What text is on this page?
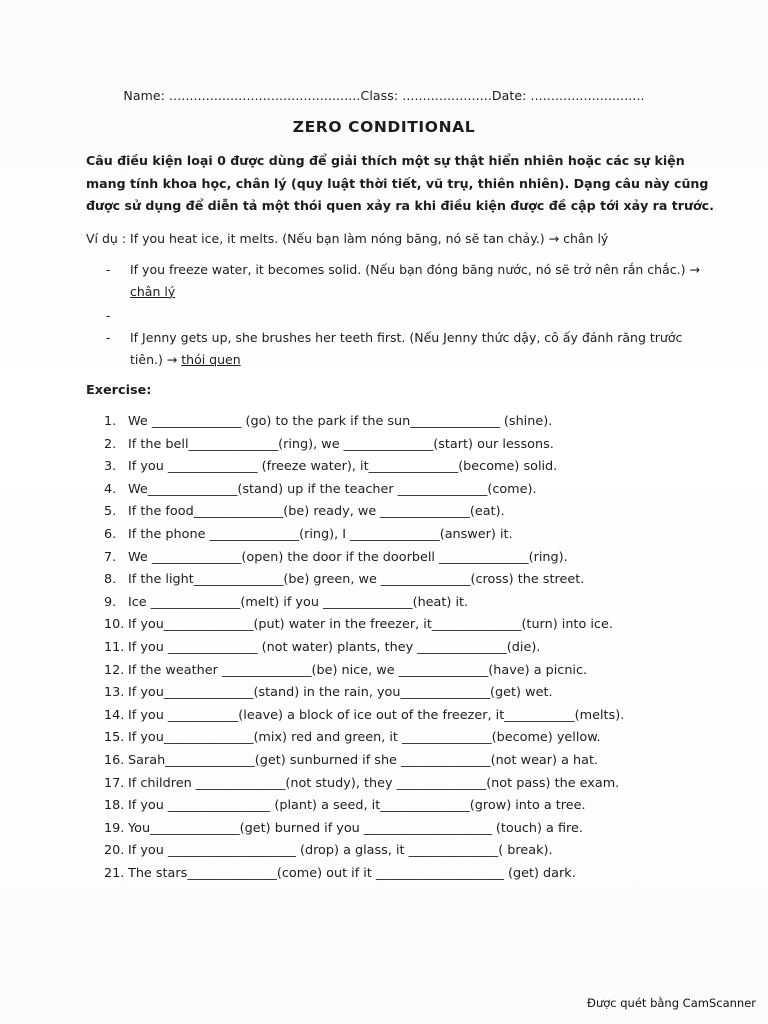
Name: ...............................................Class: ......................Date: ............................
ZERO CONDITIONAL
Câu điều kiện loại 0 được dùng để giải thích một sự thật hiển nhiên hoặc các sự kiện mang tính khoa học, chân lý (quy luật thời tiết, vũ trụ, thiên nhiên). Dạng câu này cũng được sử dụng để diễn tả một thói quen xảy ra khi điều kiện được đề cập tới xảy ra trước.
Ví dụ : If you heat ice, it melts. (Nếu bạn làm nóng băng, nó sẽ tan chảy.) → chân lý
- If you freeze water, it becomes solid. (Nếu bạn đóng băng nước, nó sẽ trở nên rắn chắc.) → chân lý
-

- If Jenny gets up, she brushes her teeth first. (Nếu Jenny thức dậy, cô ấy đánh răng trước tiên.) → thói quen
Exercise:
1. We ______________ (go) to the park if the sun______________ (shine).
2. If the bell______________(ring), we ______________(start) our lessons.
3. If you ______________ (freeze water), it______________(become) solid.
4. We______________(stand) up if the teacher ______________(come).
5. If the food______________(be) ready, we ______________(eat).
6. If the phone ______________(ring), I ______________(answer) it.
7. We ______________(open) the door if the doorbell ______________(ring).
8. If the light______________(be) green, we ______________(cross) the street.
9. Ice ______________(melt) if you ______________(heat) it.
10. If you______________(put) water in the freezer, it______________(turn) into ice.
11. If you ______________ (not water) plants, they ______________(die).
12. If the weather ______________(be) nice, we ______________(have) a picnic.
13. If you______________(stand) in the rain, you______________(get) wet.
14. If you ___________(leave) a block of ice out of the freezer, it___________(melts).
15. If you______________(mix) red and green, it ______________(become) yellow.
16. Sarah______________(get) sunburned if she ______________(not wear) a hat.
17. If children ______________(not study), they ______________(not pass) the exam.
18. If you ________________ (plant) a seed, it______________(grow) into a tree.
19. You______________(get) burned if you ____________________ (touch) a fire.
20. If you ____________________ (drop) a glass, it ______________( break).
21. The stars______________(come) out if it ____________________ (get) dark.
Được quét bằng CamScanner
